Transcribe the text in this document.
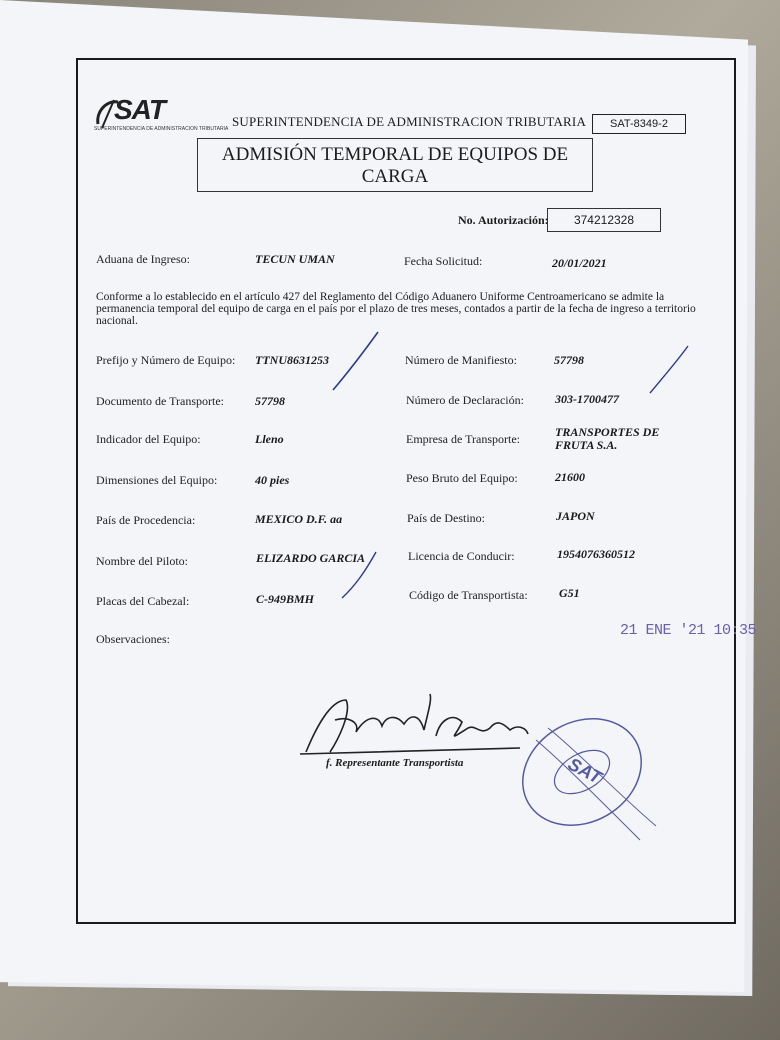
SAT
SUPERINTENDENCIA DE ADMINISTRACION TRIBUTARIA SUPERINTENDENCIA DE ADMINISTRACION TRIBUTARIA	SAT-8349-2
ADMISIÓN TEMPORAL DE EQUIPOS DE
CARGA
No. Autorización:	374212328
Aduana de Ingreso:	TECUN UMAN	Fecha Solicitud:	20/01/2021
Conforme a lo establecido en el artículo 427 del Reglamento del Código Aduanero Uniforme Centroamericano se admite la permanencia temporal del equipo de carga en el país por el plazo de tres meses, contados a partir de la fecha de ingreso a territorio nacional.
Prefijo y Número de Equipo: TTNU8631253	Número de Manifiesto:	57798
Documento de Transporte:	57798	Número de Declaración:	303-1700477
Indicador del Equipo:	Lleno	Empresa de Transporte:	TRANSPORTES DE
FRUTA S.A.
Dimensiones del Equipo:	40 pies	Peso Bruto del Equipo:	21600
País de Procedencia:	MEXICO D.F. aa	País de Destino:	JAPON
Nombre del Piloto:	ELIZARDO GARCIA	Licencia de Conducir:	1954076360512
Placas del Cabezal:	C-949BMH	Código de Transportista:	G51
Observaciones:	21 ENE '21 10:35
SAT
f. Representante Transportista
